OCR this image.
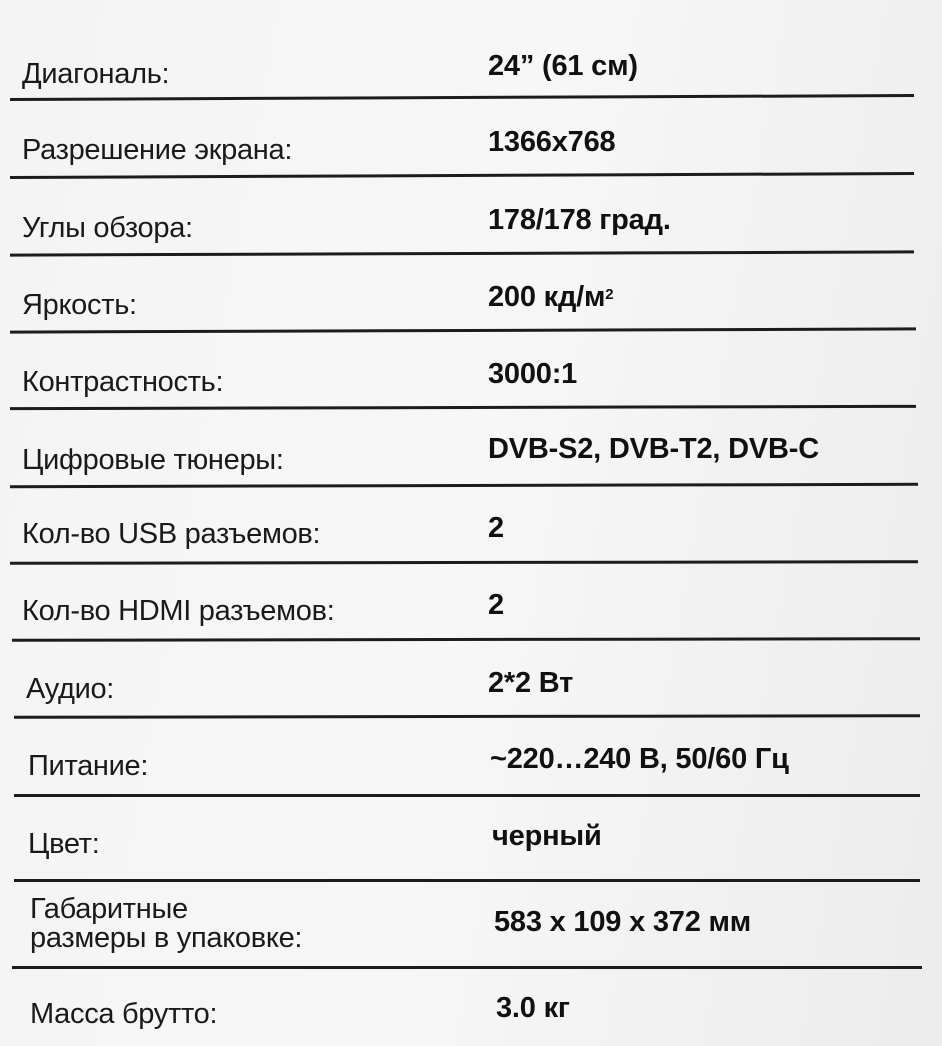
Диагональ:	24” (61 см)
Разрешение экрана:	1366x768
Углы обзора:	178/178 град.
Яркость:	200 $кд/м^2$
Контрастность:	3000:1
Цифровые тюнеры:	DVB-S2, DVB-T2, DVB-C
Кол-во USB разъемов:	2
Кол-во HDMI разъемов:	2
Аудио:	2*2 Вт
Питание:	~220…240 В, 50/60 Гц
Цвет:	черный
Габаритные
размеры в упаковке:	583 x 109 x 372 мм
Масса брутто:	3.0 кг
